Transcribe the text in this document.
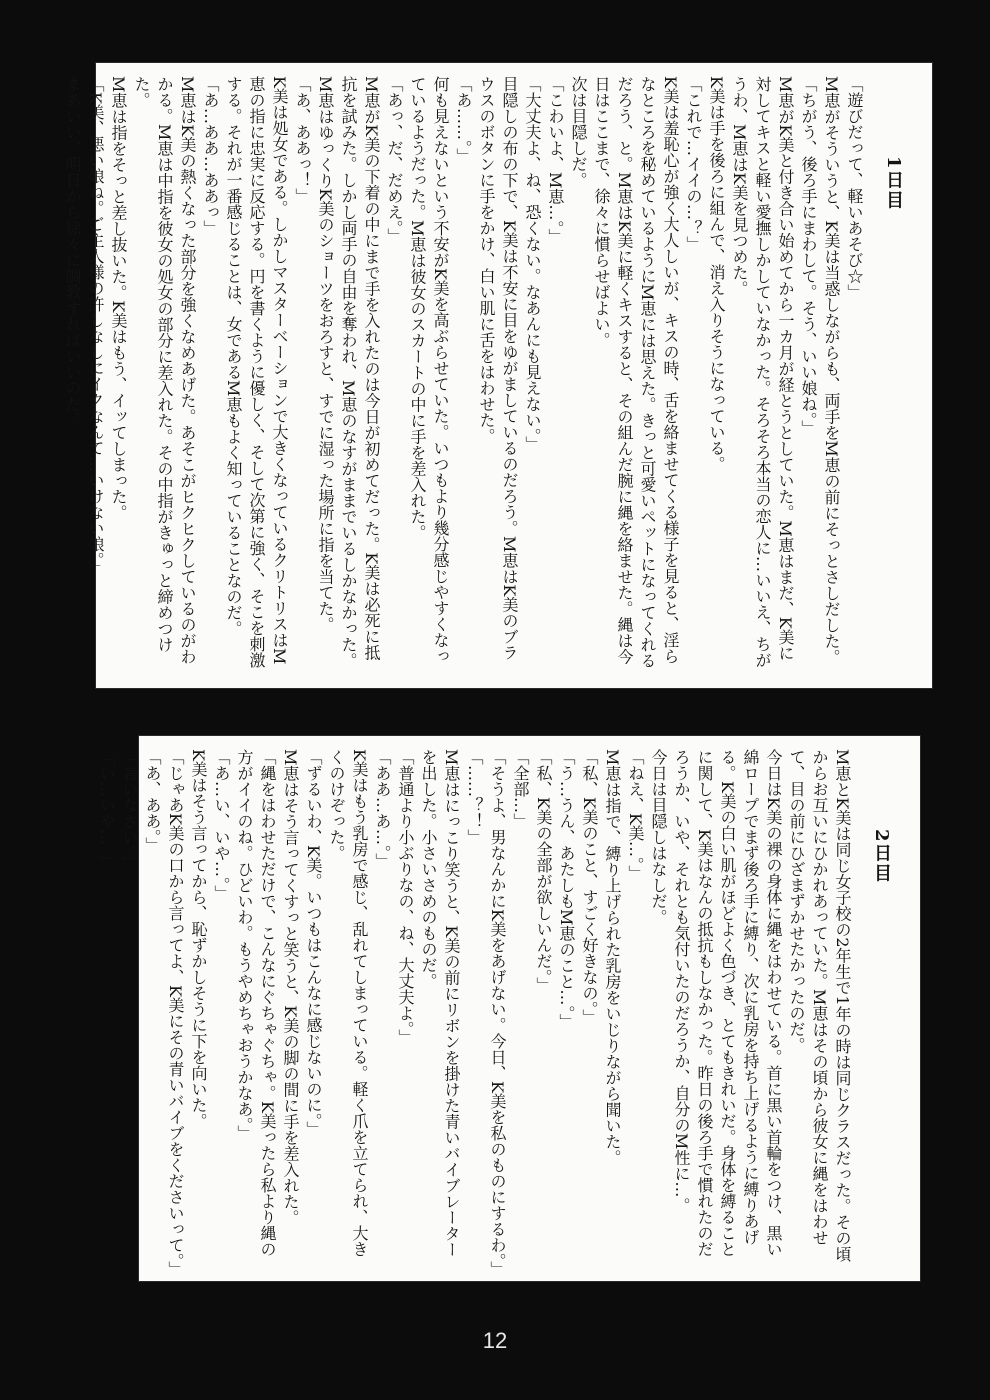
1日目

「遊びだって、軽いあそび☆」

M恵がそういうと、K美は当惑しながらも、両手をM恵の前にそっとさしだした。

「ちがう、後ろ手にまわして。そう、いい娘ね。」

M恵がK美と付き合い始めてから一カ月が経とうとしていた。M恵はまだ、K美に対してキスと軽い愛撫しかしていなかった。そろそろ本当の恋人に…いいえ、ちがうわ、M恵はK美を見つめた。

K美は手を後ろに組んで、消え入りそうになっている。

「これで…イイの…？」

K美は羞恥心が強く大人しいが、キスの時、舌を絡ませてくる様子を見ると、淫らなところを秘めているようにM恵には思えた。きっと可愛いペットになってくれるだろう、と。M恵はK美に軽くキスすると、その組んだ腕に縄を絡ませた。縄は今日はここまで、徐々に慣らせばよい。

次は目隠しだ。

「こわいよ、M恵…。」

「大丈夫よ、ね、恐くない。なあんにも見えない。」

目隠しの布の下で、K美は不安に目をゆがましているのだろう。M恵はK美のブラウスのボタンに手をかけ、白い肌に舌をはわせた。

「あ……。」

何も見えないという不安がK美を高ぶらせていた。いつもより幾分感じやすくなっているようだった。M恵は彼女のスカートの中に手を差入れた。

「あっ、だ、だめえ。」

M恵がK美の下着の中にまで手を入れたのは今日が初めてだった。K美は必死に抵抗を試みた。しかし両手の自由を奪われ、M恵のなすがままでいるしかなかった。M恵はゆっくりK美のショーツをおろすと、すでに湿った場所に指を当てた。

「あ、ああっ！」

K美は処女である。しかしマスターベーションで大きくなっているクリトリスはM恵の指に忠実に反応する。円を書くように優しく、そして次第に強く、そこを刺激する。それが一番感じることは、女であるM恵もよく知っていることなのだ。

「あ…ああ…ああっ」

M恵はK美の熱くなった部分を強くなめあげた。あそこがヒクヒクしているのがわかる。M恵は中指を彼女の処女の部分に差入れた。その中指がきゅっと締めつけた。

M恵は指をそっと差し抜いた。K美はもう、イッてしまった。

「K美、悪い娘ね。ご主人様の許しなしにイクなんて…いけない娘。」

まあいい、明日から徐々に調教すればいいのだ。

2日目

M恵とK美は同じ女子校の2年生で1年の時は同じクラスだった。その頃からお互いにひかれあっていた。M恵はその頃から彼女に縄をはわせて、目の前にひざまずかせたかったのだ。

今日はK美の裸の身体に縄をはわせている。首に黒い首輪をつけ、黒い綿ロープでまず後ろ手に縛り、次に乳房を持ち上げるように縛りあげる。K美の白い肌がほどよく色づき、とてもきれいだ。身体を縛ることに関して、K美はなんの抵抗もしなかった。昨日の後ろ手で慣れたのだろうか、いや、それとも気付いたのだろうか、自分のM性に…。

今日は目隠しはなしだ。

「ねえ、K美…。」

M恵は指で、縛り上げられた乳房をいじりながら聞いた。

「私、K美のこと、すごく好きなの。」

「う…うん、あたしもM恵のこと…。」

「私、K美の全部が欲しいんだ。」

「全部…」

「そうよ、男なんかにK美をあげない。今日、K美を私のものにするわ。」

「……？！」

M恵はにっこり笑うと、K美の前にリボンを掛けた青いバイブレーターを出した。小さいさめのものだ。

「普通より小ぶりなの、ね、大丈夫よ。」

「ああ…あ…。」

K美はもう乳房で感じ、乱れてしまっている。軽く爪を立てられ、大きくのけぞった。

「ずるいわ、K美。いつもはこんなに感じないのに。」

M恵はそう言ってくすっと笑うと、K美の脚の間に手を差入れた。

「縄をはわせただけで、こんなにぐちゃぐちゃ。K美ったら私より縄の方がイイのね。ひどいわ。もうやめちゃおうかなあ。」

「あ…い、いや…。」

K美はそう言ってから、恥ずかしそうに下を向いた。

「じゃあK美の口から言ってよ、K美にその青いバイブをくださいって。」

「あ、ああ。」

「言いなさい。」

「い…いや…。」

12
